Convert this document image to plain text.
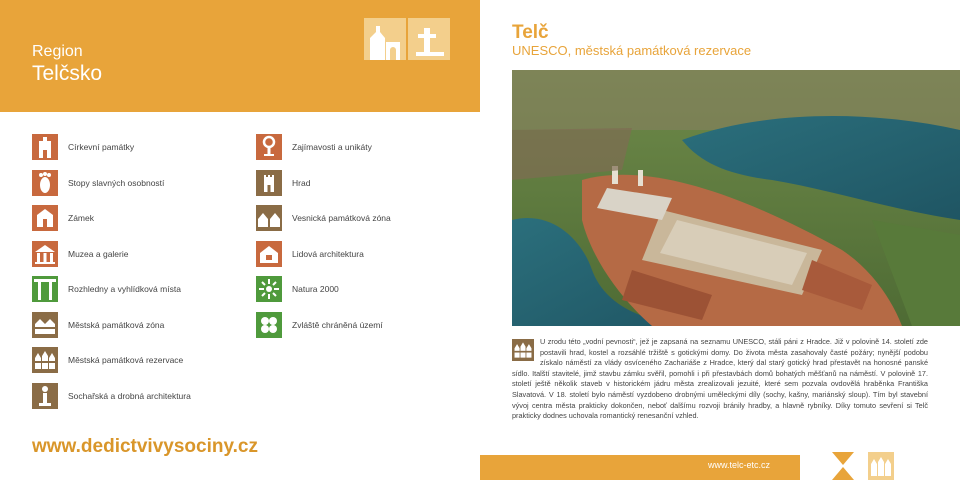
Region
Telčsko
Církevní památky
Stopy slavných osobností
Zámek
Muzea a galerie
Rozhledny a vyhlídková místa
Městská památková zóna
Městská památková rezervace
Sochařská a drobná architektura
Zajímavosti a unikáty
Hrad
Vesnická památková zóna
Lidová architektura
Natura 2000
Zvláště chráněná území
www.dedictvivysociny.cz
Telč
UNESCO, městská památková rezervace
U zrodu této „vodní pevnosti“, jež je zapsaná na seznamu UNESCO, stáli páni z Hradce. Již v polovině 14. století zde postavili hrad, kostel a rozsáhlé tržiště s gotickými domy. Do života města zasahovaly časté požáry; nynější podobu získalo náměstí za vlády osvíceného Zachariáše z Hradce, který dal starý gotický hrad přestavět na honosné panské sídlo. Italští stavitelé, jimž stavbu zámku svěřil, pomohli i při přestavbách domů bohatých měšťanů na náměstí. V polovině 17. století ještě několik staveb v historickém jádru města zrealizovali jezuité, které sem pozvala ovdovělá hraběnka Františka Slavatová. V 18. století bylo náměstí vyzdobeno drobnými uměleckými díly (sochy, kašny, mariánský sloup). Tím byl stavební vývoj centra města prakticky dokončen, neboť dalšímu rozvoji bránily hradby, a hlavně rybníky. Díky tomuto sevření si Telč prakticky dodnes uchovala romantický renesanční vzhled.
www.telc-etc.cz
